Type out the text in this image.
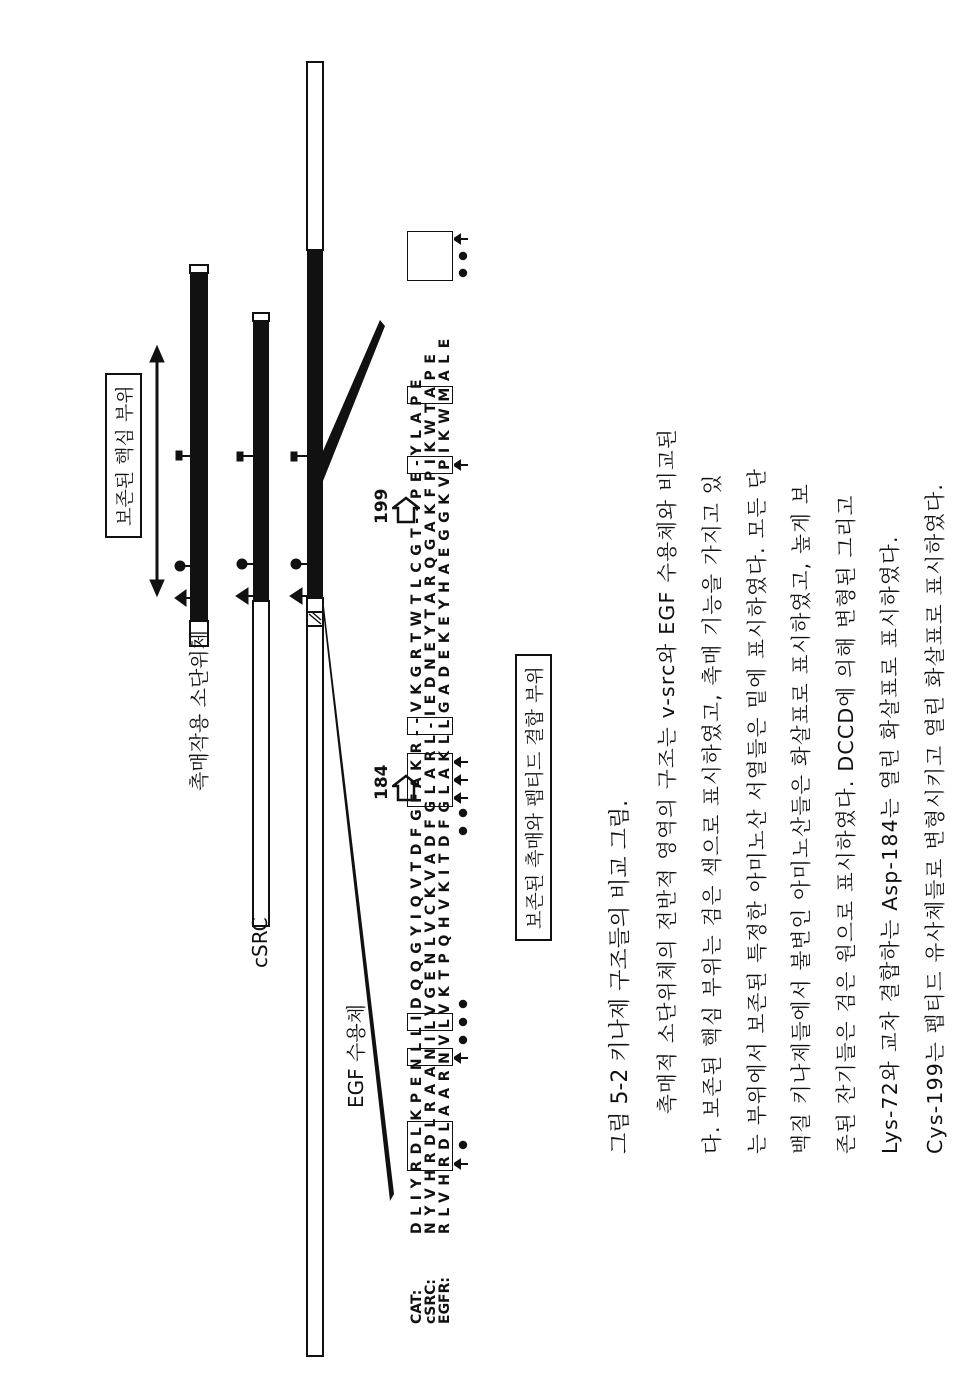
촉매작용 소단위체
cSRC
EGF 수용체
보존된 핵심 부위
184
199
CAT:
cSRC:
EGFR:
DLIYRDLKPENLLIDQQGYIQVTDFGFAKR--VKGRTWTLCGT--PE-YLAPE
NYVHRDLRAANILVGENLVCKVADFGLARL-IEDNEYTARQGAKFPIKWTAPE
RLVHRDLAARNVLVKTPQHVKITDFGLAKLLGADEKEYHAEGGKVPIKWMALE	보존된 촉매와 펩티드 결합 부위
그림 5-2 키나제 구조들의 비교 그림.	촉매적 소단위체의 전반적 영역의 구조는 v-src와 EGF 수용체와 비교된	다. 보존된 핵심 부위는 검은 색으로 표시하였고, 촉매 기능을 가지고 있	는 부위에서 보존된 특정한 아미노산 서열들은 밑에 표시하였다. 모든 단	백질 키나제들에서 불변인 아미노산들은 화살표로 표시하였고, 높게 보	존된 잔기들은 검은 원으로 표시하였다. DCCD에 의해 변형된 그리고	Lys-72와 교차 결합하는 Asp-184는 열린 화살표로 표시하였다.	Cys-199는 펩티드 유사체들로 변형시키고 열린 화살표로 표시하였다.
